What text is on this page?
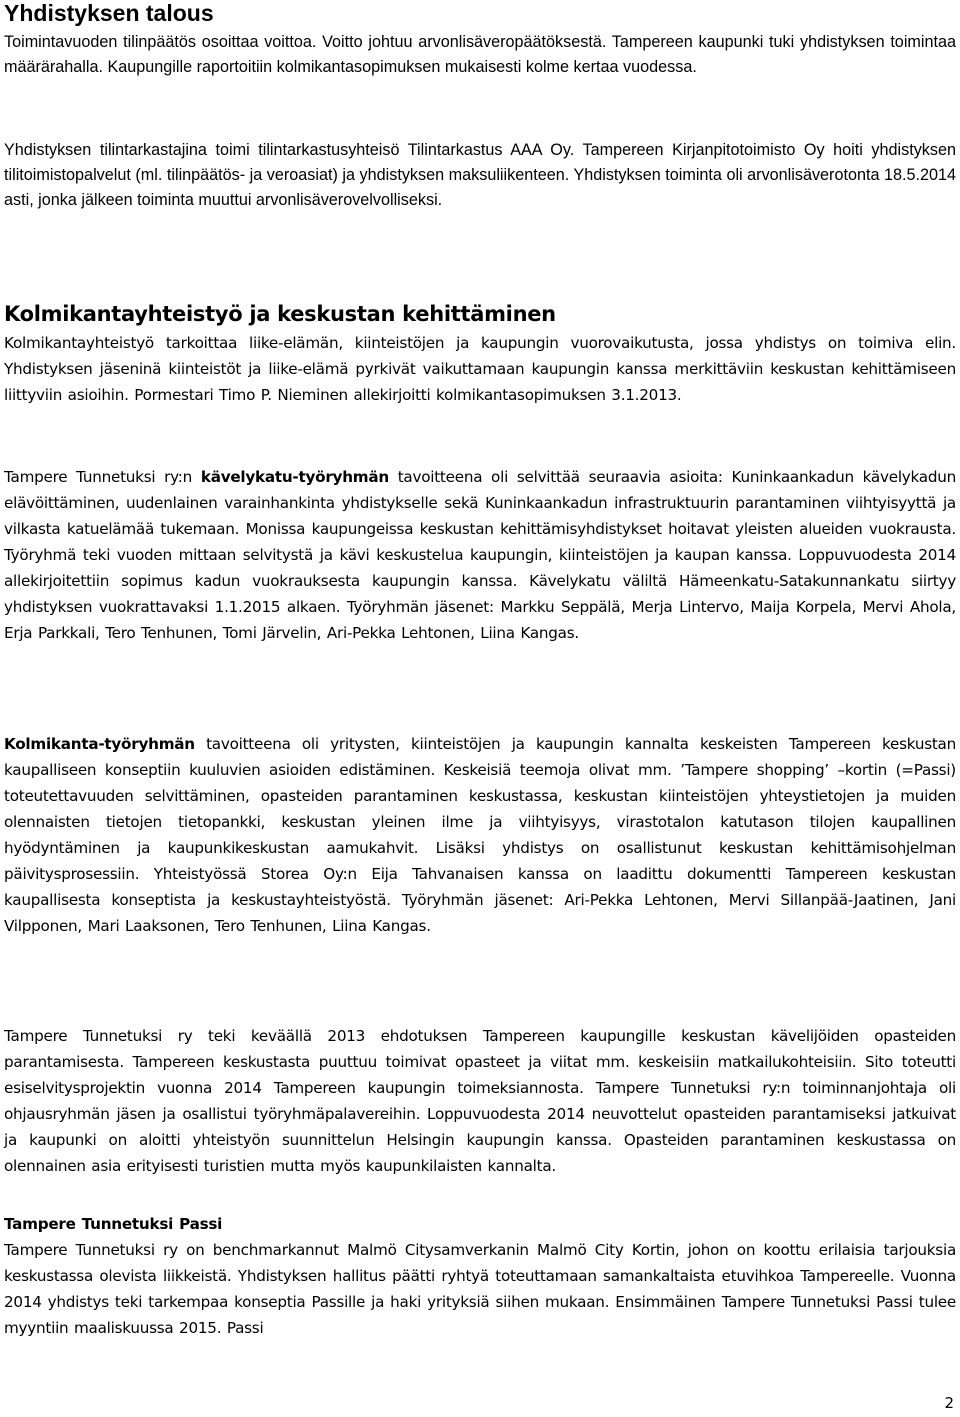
Yhdistyksen talous

Toimintavuoden tilinpäätös osoittaa voittoa. Voitto johtuu arvonlisäveropäätöksestä. Tampereen kaupunki tuki yhdistyksen toimintaa määrärahalla. Kaupungille raportoitiin kolmikantasopimuksen mukaisesti kolme kertaa vuodessa.

Yhdistyksen tilintarkastajina toimi tilintarkastusyhteisö Tilintarkastus AAA Oy. Tampereen Kirjanpitotoimisto Oy hoiti yhdistyksen tilitoimistopalvelut (ml. tilinpäätös- ja veroasiat) ja yhdistyksen maksuliikenteen. Yhdistyksen toiminta oli arvonlisäverotonta 18.5.2014 asti, jonka jälkeen toiminta muuttui arvonlisäverovelvolliseksi.

Kolmikantayhteistyö ja keskustan kehittäminen

Kolmikantayhteistyö tarkoittaa liike-elämän, kiinteistöjen ja kaupungin vuorovaikutusta, jossa yhdistys on toimiva elin. Yhdistyksen jäseninä kiinteistöt ja liike-elämä pyrkivät vaikuttamaan kaupungin kanssa merkittäviin keskustan kehittämiseen liittyviin asioihin. Pormestari Timo P. Nieminen allekirjoitti kolmikantasopimuksen 3.1.2013.

Tampere Tunnetuksi ry:n kävelykatu-työryhmän tavoitteena oli selvittää seuraavia asioita: Kuninkaankadun kävelykadun elävöittäminen, uudenlainen varainhankinta yhdistykselle sekä Kuninkaankadun infrastruktuurin parantaminen viihtyisyyttä ja vilkasta katuelämää tukemaan. Monissa kaupungeissa keskustan kehittämisyhdistykset hoitavat yleisten alueiden vuokrausta. Työryhmä teki vuoden mittaan selvitystä ja kävi keskustelua kaupungin, kiinteistöjen ja kaupan kanssa. Loppuvuodesta 2014 allekirjoitettiin sopimus kadun vuokrauksesta kaupungin kanssa. Kävelykatu väliltä Hämeenkatu-Satakunnankatu siirtyy yhdistyksen vuokrattavaksi 1.1.2015 alkaen. Työryhmän jäsenet: Markku Seppälä, Merja Lintervo, Maija Korpela, Mervi Ahola, Erja Parkkali, Tero Tenhunen, Tomi Järvelin, Ari-Pekka Lehtonen, Liina Kangas.

Kolmikanta-työryhmän tavoitteena oli yritysten, kiinteistöjen ja kaupungin kannalta keskeisten Tampereen keskustan kaupalliseen konseptiin kuuluvien asioiden edistäminen. Keskeisiä teemoja olivat mm. ’Tampere shopping’ –kortin (=Passi) toteutettavuuden selvittäminen, opasteiden parantaminen keskustassa, keskustan kiinteistöjen yhteystietojen ja muiden olennaisten tietojen tietopankki, keskustan yleinen ilme ja viihtyisyys, virastotalon katutason tilojen kaupallinen hyödyntäminen ja kaupunkikeskustan aamukahvit. Lisäksi yhdistys on osallistunut keskustan kehittämisohjelman päivitysprosessiin. Yhteistyössä Storea Oy:n Eija Tahvanaisen kanssa on laadittu dokumentti Tampereen keskustan kaupallisesta konseptista ja keskustayhteistyöstä. Työryhmän jäsenet: Ari-Pekka Lehtonen, Mervi Sillanpää-Jaatinen, Jani Vilpponen, Mari Laaksonen, Tero Tenhunen, Liina Kangas.

Tampere Tunnetuksi ry teki keväällä 2013 ehdotuksen Tampereen kaupungille keskustan kävelijöiden opasteiden parantamisesta. Tampereen keskustasta puuttuu toimivat opasteet ja viitat mm. keskeisiin matkailukohteisiin. Sito toteutti esiselvitysprojektin vuonna 2014 Tampereen kaupungin toimeksiannosta. Tampere Tunnetuksi ry:n toiminnanjohtaja oli ohjausryhmän jäsen ja osallistui työryhmäpalavereihin. Loppuvuodesta 2014 neuvottelut opasteiden parantamiseksi jatkuivat ja kaupunki on aloitti yhteistyön suunnittelun Helsingin kaupungin kanssa. Opasteiden parantaminen keskustassa on olennainen asia erityisesti turistien mutta myös kaupunkilaisten kannalta.

Tampere Tunnetuksi Passi
Tampere Tunnetuksi ry on benchmarkannut Malmö Citysamverkanin Malmö City Kortin, johon on koottu erilaisia tarjouksia keskustassa olevista liikkeistä. Yhdistyksen hallitus päätti ryhtyä toteuttamaan samankaltaista etuvihkoa Tampereelle. Vuonna 2014 yhdistys teki tarkempaa konseptia Passille ja haki yrityksiä siihen mukaan. Ensimmäinen Tampere Tunnetuksi Passi tulee myyntiin maaliskuussa 2015. Passi

2
